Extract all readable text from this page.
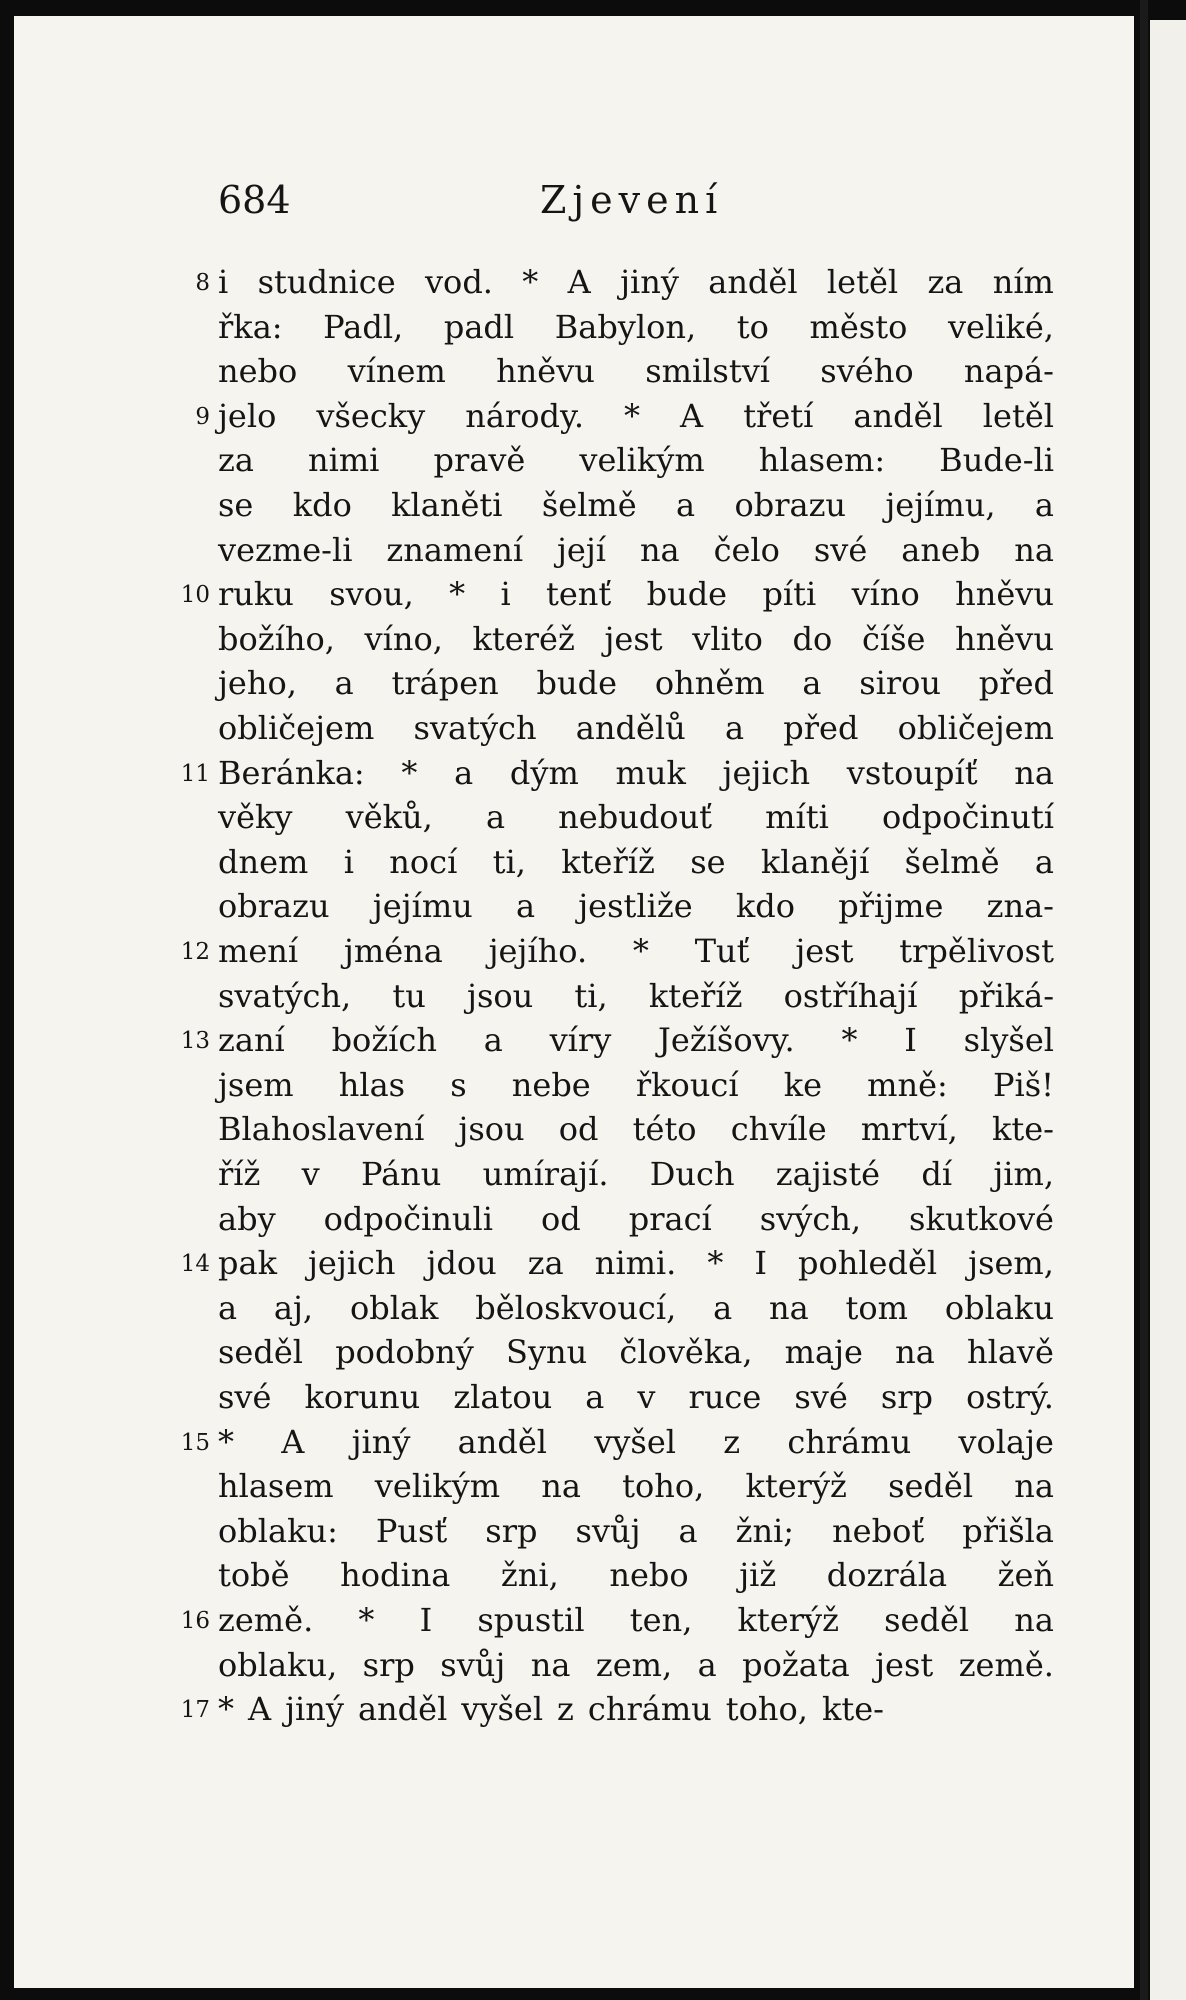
684	Zjevení
i studnice vod. * A jiný anděl letěl za ním
řka: Padl, padl Babylon, to město veliké,
nebo vínem hněvu smilství svého napá-
jelo všecky národy. * A třetí anděl letěl
za nimi pravě velikým hlasem: Bude-li
se kdo klaněti šelmě a obrazu jejímu, a
vezme-li znamení její na čelo své aneb na
ruku svou, * i tenť bude píti víno hněvu
božího, víno, kteréž jest vlito do číše hněvu
jeho, a trápen bude ohněm a sirou před
obličejem svatých andělů a před obličejem
Beránka: * a dým muk jejich vstoupíť na
věky věků, a nebudouť míti odpočinutí
dnem i nocí ti, kteříž se klanějí šelmě a
obrazu jejímu a jestliže kdo přijme zna-
mení jména jejího. * Tuť jest trpělivost
svatých, tu jsou ti, kteříž ostříhají přiká-
zaní božích a víry Ježíšovy. * I slyšel
jsem hlas s nebe řkoucí ke mně: Piš!
Blahoslavení jsou od této chvíle mrtví, kte-
říž v Pánu umírají. Duch zajisté dí jim,
aby odpočinuli od prací svých, skutkové
pak jejich jdou za nimi. * I pohleděl jsem,
a aj, oblak běloskvoucí, a na tom oblaku
seděl podobný Synu člověka, maje na hlavě
své korunu zlatou a v ruce své srp ostrý.
* A jiný anděl vyšel z chrámu volaje
hlasem velikým na toho, kterýž seděl na
oblaku: Pusť srp svůj a žni; neboť přišla
tobě hodina žni, nebo již dozrála žeň
země. * I spustil ten, kterýž seděl na
oblaku, srp svůj na zem, a požata jest země.
* A jiný anděl vyšel z chrámu toho, kte-
8
9
10
11
12
13
14
15
16
17
